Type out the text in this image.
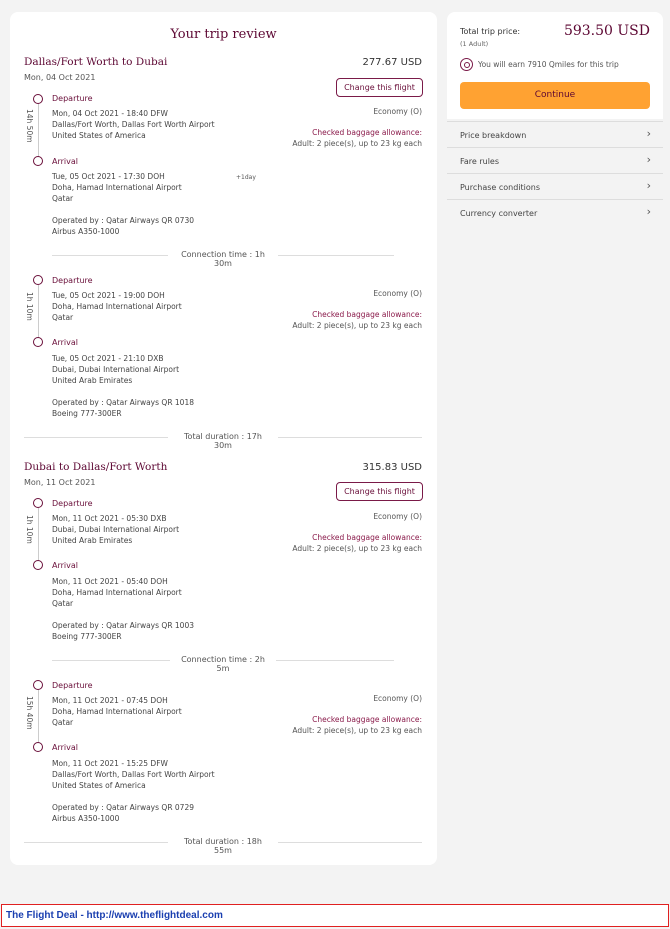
Your trip review
Dallas/Fort Worth to Dubai
Mon, 04 Oct 2021
277.67 USD
Change this flight
Departure
14h 50m Mon, 04 Oct 2021 - 18:40 DFW
Dallas/Fort Worth, Dallas Fort Worth Airport
United States of America
Economy (O)
Checked baggage allowance:
Adult: 2 piece(s), up to 23 kg each
Arrival
Tue, 05 Oct 2021 - 17:30 DOH	+1day
Doha, Hamad International Airport
Qatar
Operated by : Qatar Airways QR 0730
Airbus A350-1000
Connection time : 1h 30m
Departure
1h 10m Tue, 05 Oct 2021 - 19:00 DOH
Doha, Hamad International Airport
Qatar
Economy (O)
Checked baggage allowance:
Adult: 2 piece(s), up to 23 kg each
Arrival
Tue, 05 Oct 2021 - 21:10 DXB
Dubai, Dubai International Airport
United Arab Emirates
Operated by : Qatar Airways QR 1018
Boeing 777-300ER
Total duration : 17h 30m
Dubai to Dallas/Fort Worth
Mon, 11 Oct 2021
315.83 USD
Change this flight
Departure
1h 10m Mon, 11 Oct 2021 - 05:30 DXB
Dubai, Dubai International Airport
United Arab Emirates
Economy (O)
Checked baggage allowance:
Adult: 2 piece(s), up to 23 kg each
Arrival
Mon, 11 Oct 2021 - 05:40 DOH
Doha, Hamad International Airport
Qatar
Operated by : Qatar Airways QR 1003
Boeing 777-300ER
Connection time : 2h 5m
Departure
15h 40m Mon, 11 Oct 2021 - 07:45 DOH
Doha, Hamad International Airport
Qatar
Economy (O)
Checked baggage allowance:
Adult: 2 piece(s), up to 23 kg each
Arrival
Mon, 11 Oct 2021 - 15:25 DFW
Dallas/Fort Worth, Dallas Fort Worth Airport
United States of America
Operated by : Qatar Airways QR 0729
Airbus A350-1000
Total duration : 18h 55m
Total trip price:
(1 Adult)
593.50 USD
You will earn 7910 Qmiles for this trip
Continue
Price breakdown	›
Fare rules	›
Purchase conditions	›
Currency converter	›
The Flight Deal - http://www.theflightdeal.com
